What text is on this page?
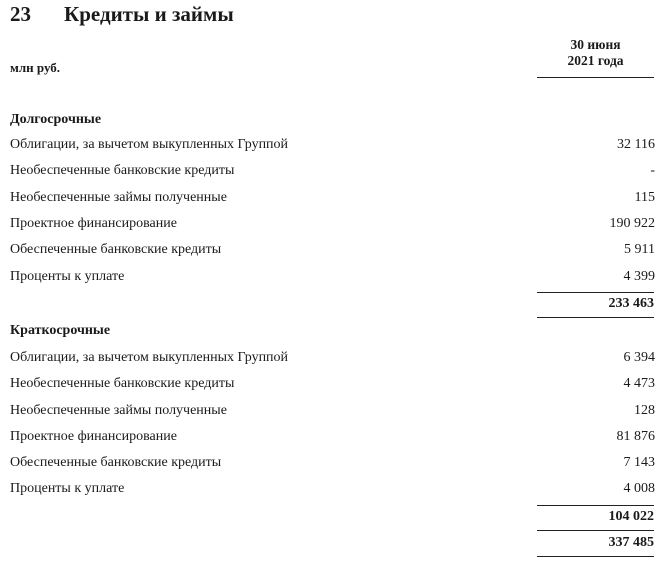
23 Кредиты и займы
млн руб.
30 июня
2021 года
Долгосрочные
Облигации, за вычетом выкупленных Группой	32 116
Необеспеченные банковские кредиты	-
Необеспеченные займы полученные	115
Проектное финансирование	190 922
Обеспеченные банковские кредиты	5 911
Проценты к уплате	4 399
233 463
Краткосрочные
Облигации, за вычетом выкупленных Группой	6 394
Необеспеченные банковские кредиты	4 473
Необеспеченные займы полученные	128
Проектное финансирование	81 876
Обеспеченные банковские кредиты	7 143
Проценты к уплате	4 008
104 022
337 485
